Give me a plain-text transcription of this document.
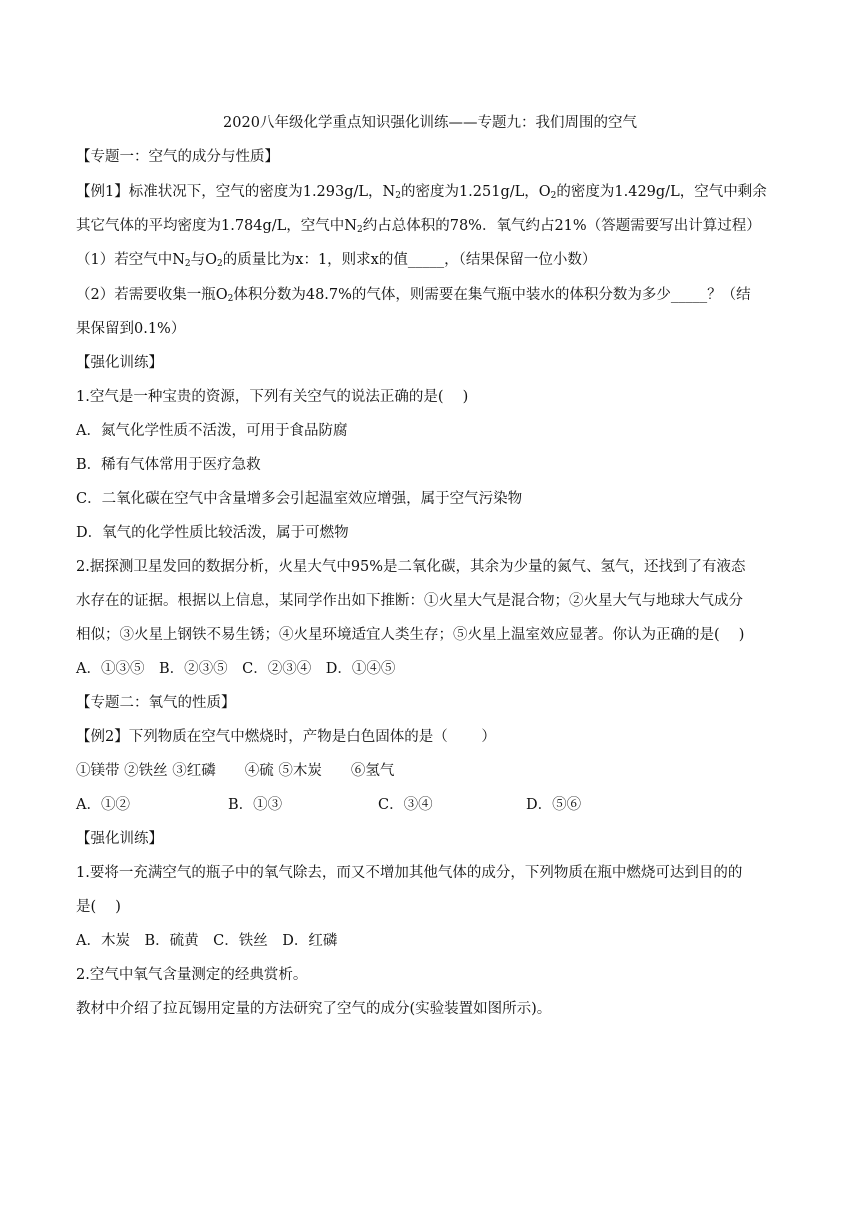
2020八年级化学重点知识强化训练——专题九：我们周围的空气
【专题一：空气的成分与性质】
【例1】标准状况下，空气的密度为1.293g/L，$N_2$的密度为1.251g/L，$O_2$的密度为1.429g/L，空气中剩余
其它气体的平均密度为1.784g/L，空气中$N_2$约占总体积的78%．氧气约占21%（答题需要写出计算过程）
（1）若空气中$N_2$与$O_2$的质量比为x：1，则求x的值_____，（结果保留一位小数）
（2）若需要收集一瓶$O_2$体积分数为48.7%的气体，则需要在集气瓶中装水的体积分数为多少_____？（结
果保留到0.1%）
【强化训练】
1.空气是一种宝贵的资源，下列有关空气的说法正确的是(　 )
A．氮气化学性质不活泼，可用于食品防腐
B．稀有气体常用于医疗急救
C．二氧化碳在空气中含量增多会引起温室效应增强，属于空气污染物
D．氧气的化学性质比较活泼，属于可燃物
2.据探测卫星发回的数据分析，火星大气中95%是二氧化碳，其余为少量的氮气、氢气，还找到了有液态
水存在的证据。根据以上信息，某同学作出如下推断：①火星大气是混合物；②火星大气与地球大气成分
相似；③火星上钢铁不易生锈；④火星环境适宜人类生存；⑤火星上温室效应显著。你认为正确的是(　 )
A．①③⑤　B．②③⑤　C．②③④　D．①④⑤
【专题二：氧气的性质】
【例2】下列物质在空气中燃烧时，产物是白色固体的是（　　 ）
①镁带 ②铁丝 ③红磷　　④硫 ⑤木炭　　⑥氢气
A．①②	B．①③	C．③④	D．⑤⑥
【强化训练】
1.要将一充满空气的瓶子中的氧气除去，而又不增加其他气体的成分，下列物质在瓶中燃烧可达到目的的
是(　 )
A．木炭　B．硫黄　C．铁丝　D．红磷
2.空气中氧气含量测定的经典赏析。
教材中介绍了拉瓦锡用定量的方法研究了空气的成分(实验装置如图所示)。
